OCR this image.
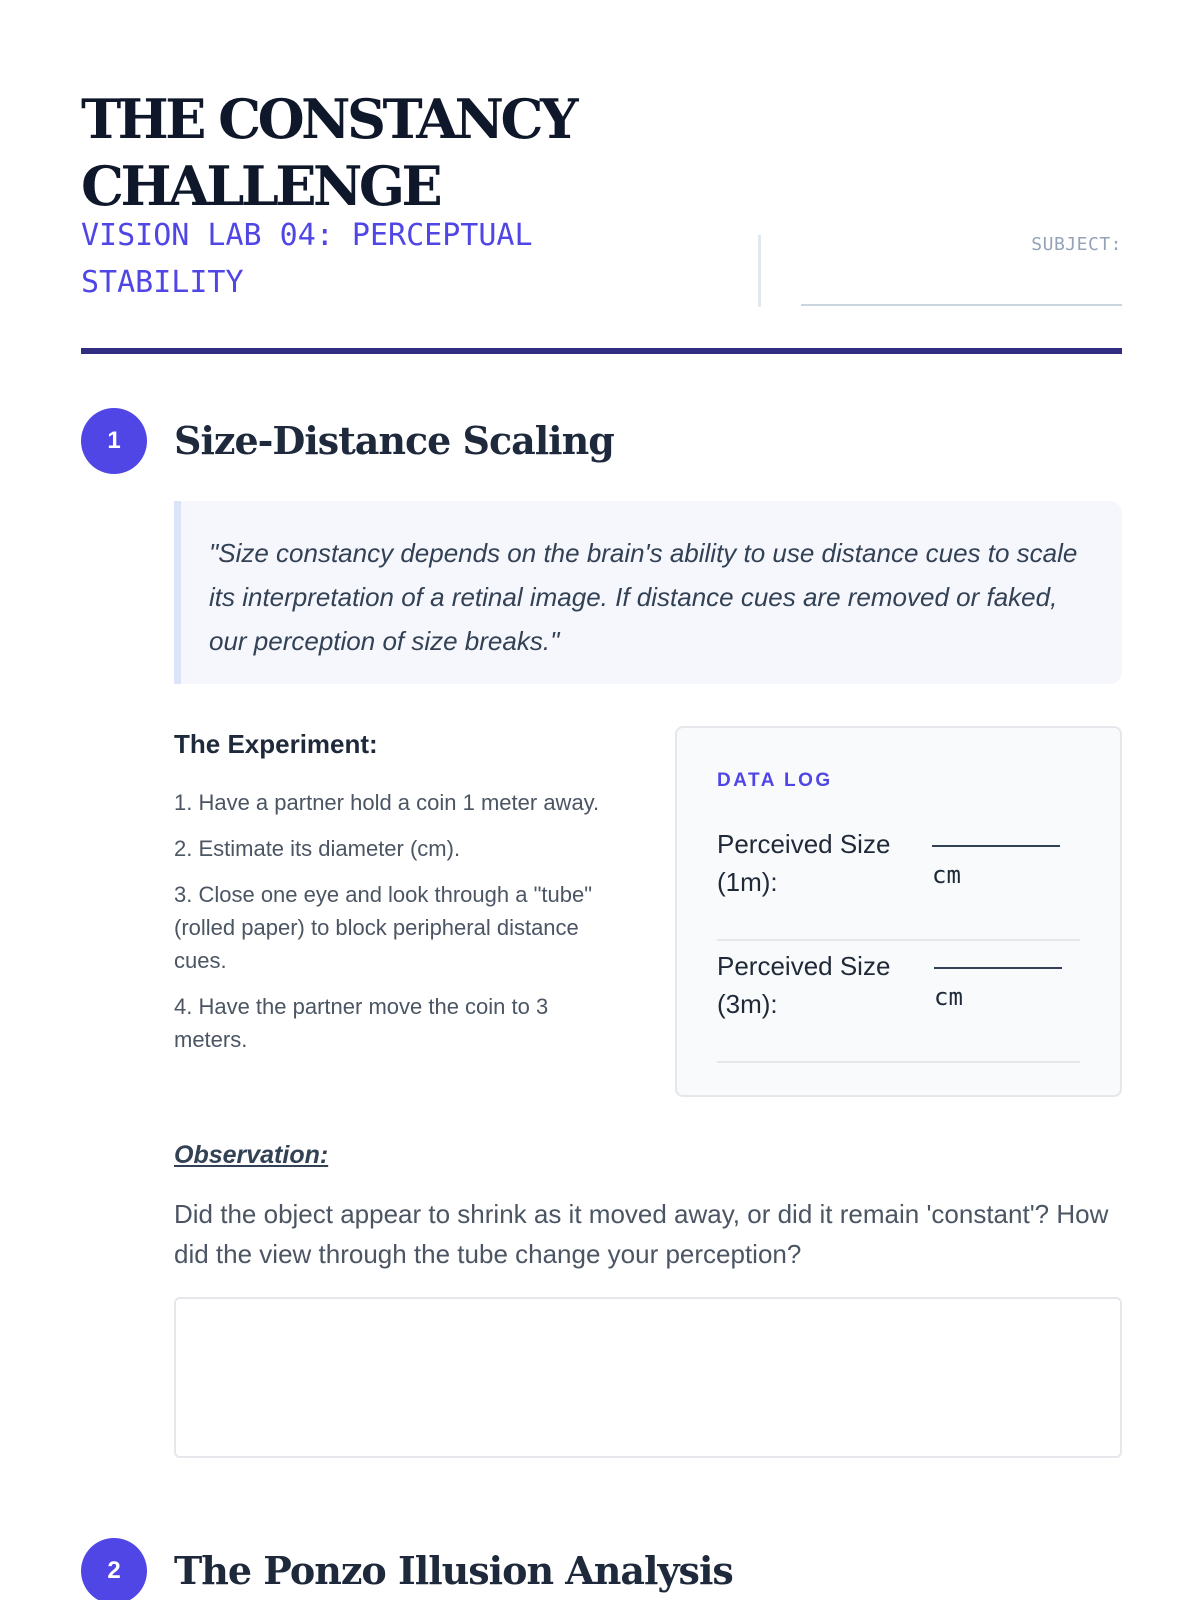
THE CONSTANCY CHALLENGE
VISION LAB 04: PERCEPTUAL STABILITY
SUBJECT:
1	Size-Distance Scaling
"Size constancy depends on the brain's ability to use distance cues to scale its interpretation of a retinal image. If distance cues are removed or faked, our perception of size breaks."
The Experiment:
1. Have a partner hold a coin 1 meter away.
2. Estimate its diameter (cm).
3. Close one eye and look through a "tube" (rolled paper) to block peripheral distance cues.
4. Have the partner move the coin to 3 meters.
DATA LOG
Perceived Size (1m):	cm
Perceived Size (3m):	cm
Observation:
Did the object appear to shrink as it moved away, or did it remain 'constant'? How did the view through the tube change your perception?
2	The Ponzo Illusion Analysis
